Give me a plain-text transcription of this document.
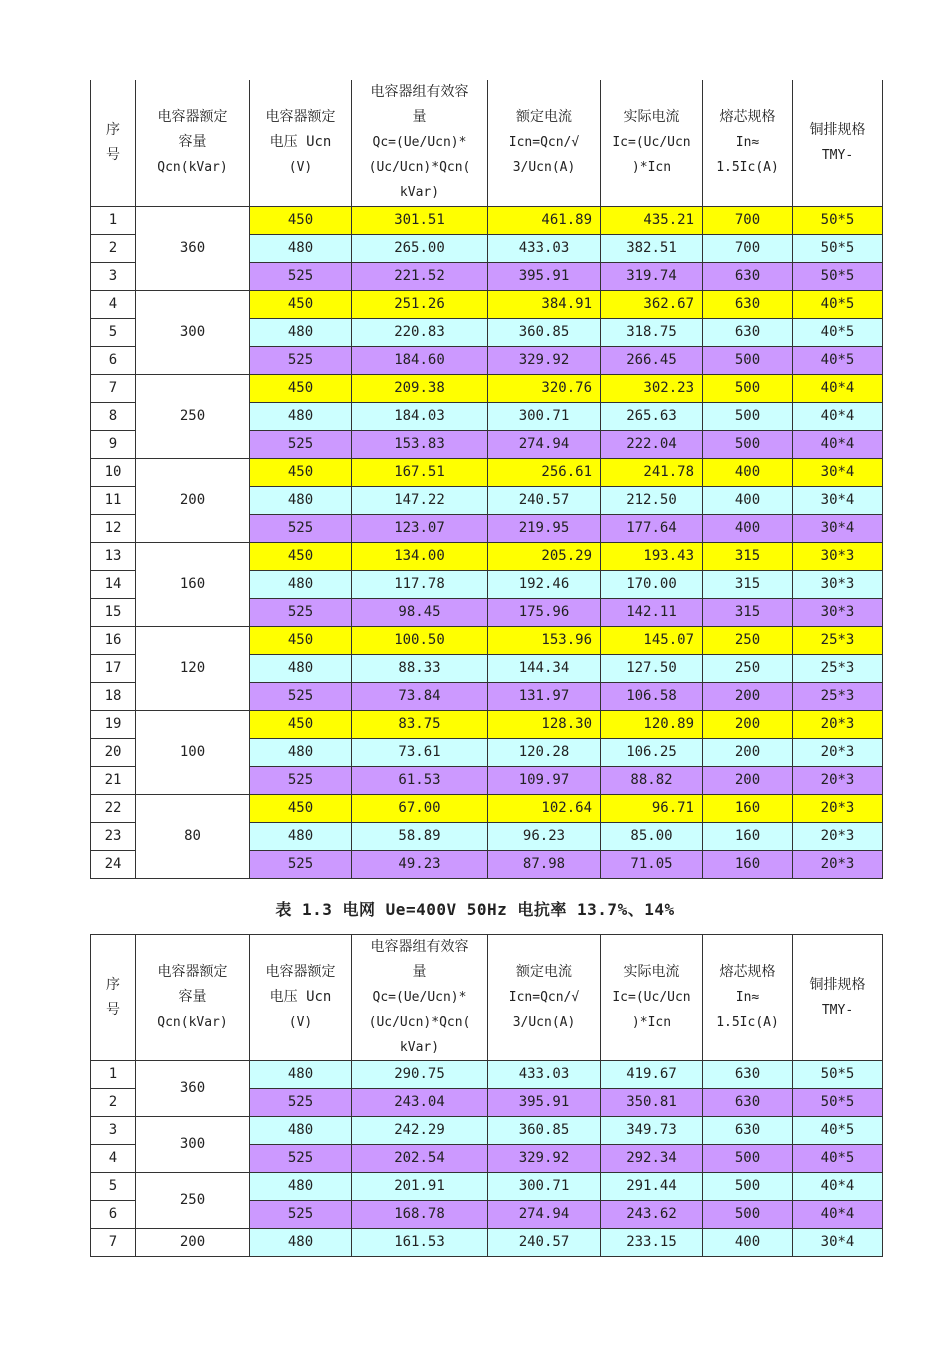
序
号	电容器额定
容量
Qcn(kVar)	电容器额定
电压 Ucn
(V)	电容器组有效容
量
Qc=(Ue/Ucn)*
(Uc/Ucn)*Qcn(
kVar)	额定电流
Icn=Qcn/√
3/Ucn(A)	实际电流
Ic=(Uc/Ucn
)*Icn	熔芯规格
In≈
1.5Ic(A)	铜排规格
TMY-

1	360	450	301.51	461.89	435.21	700	50*5
2		480	265.00	433.03	382.51	700	50*5
3		525	221.52	395.91	319.74	630	50*5
4	300	450	251.26	384.91	362.67	630	40*5
5		480	220.83	360.85	318.75	630	40*5
6		525	184.60	329.92	266.45	500	40*5
7	250	450	209.38	320.76	302.23	500	40*4
8		480	184.03	300.71	265.63	500	40*4
9		525	153.83	274.94	222.04	500	40*4
10	200	450	167.51	256.61	241.78	400	30*4
11		480	147.22	240.57	212.50	400	30*4
12		525	123.07	219.95	177.64	400	30*4
13	160	450	134.00	205.29	193.43	315	30*3
14		480	117.78	192.46	170.00	315	30*3
15		525	98.45	175.96	142.11	315	30*3
16	120	450	100.50	153.96	145.07	250	25*3
17		480	88.33	144.34	127.50	250	25*3
18		525	73.84	131.97	106.58	200	25*3
19	100	450	83.75	128.30	120.89	200	20*3
20		480	73.61	120.28	106.25	200	20*3
21		525	61.53	109.97	88.82	200	20*3
22	80	450	67.00	102.64	96.71	160	20*3
23		480	58.89	96.23	85.00	160	20*3
24		525	49.23	87.98	71.05	160	20*3
表 1.3 电网 Ue=400V 50Hz 电抗率 13.7%、14%
序
号	电容器额定
容量
Qcn(kVar)	电容器额定
电压 Ucn
(V)	电容器组有效容
量
Qc=(Ue/Ucn)*
(Uc/Ucn)*Qcn(
kVar)	额定电流
Icn=Qcn/√
3/Ucn(A)	实际电流
Ic=(Uc/Ucn
)*Icn	熔芯规格
In≈
1.5Ic(A)	铜排规格
TMY-

1	360	480	290.75	433.03	419.67	630	50*5
2		525	243.04	395.91	350.81	630	50*5
3	300	480	242.29	360.85	349.73	630	40*5
4		525	202.54	329.92	292.34	500	40*5
5	250	480	201.91	300.71	291.44	500	40*4
6		525	168.78	274.94	243.62	500	40*4
7	200	480	161.53	240.57	233.15	400	30*4
